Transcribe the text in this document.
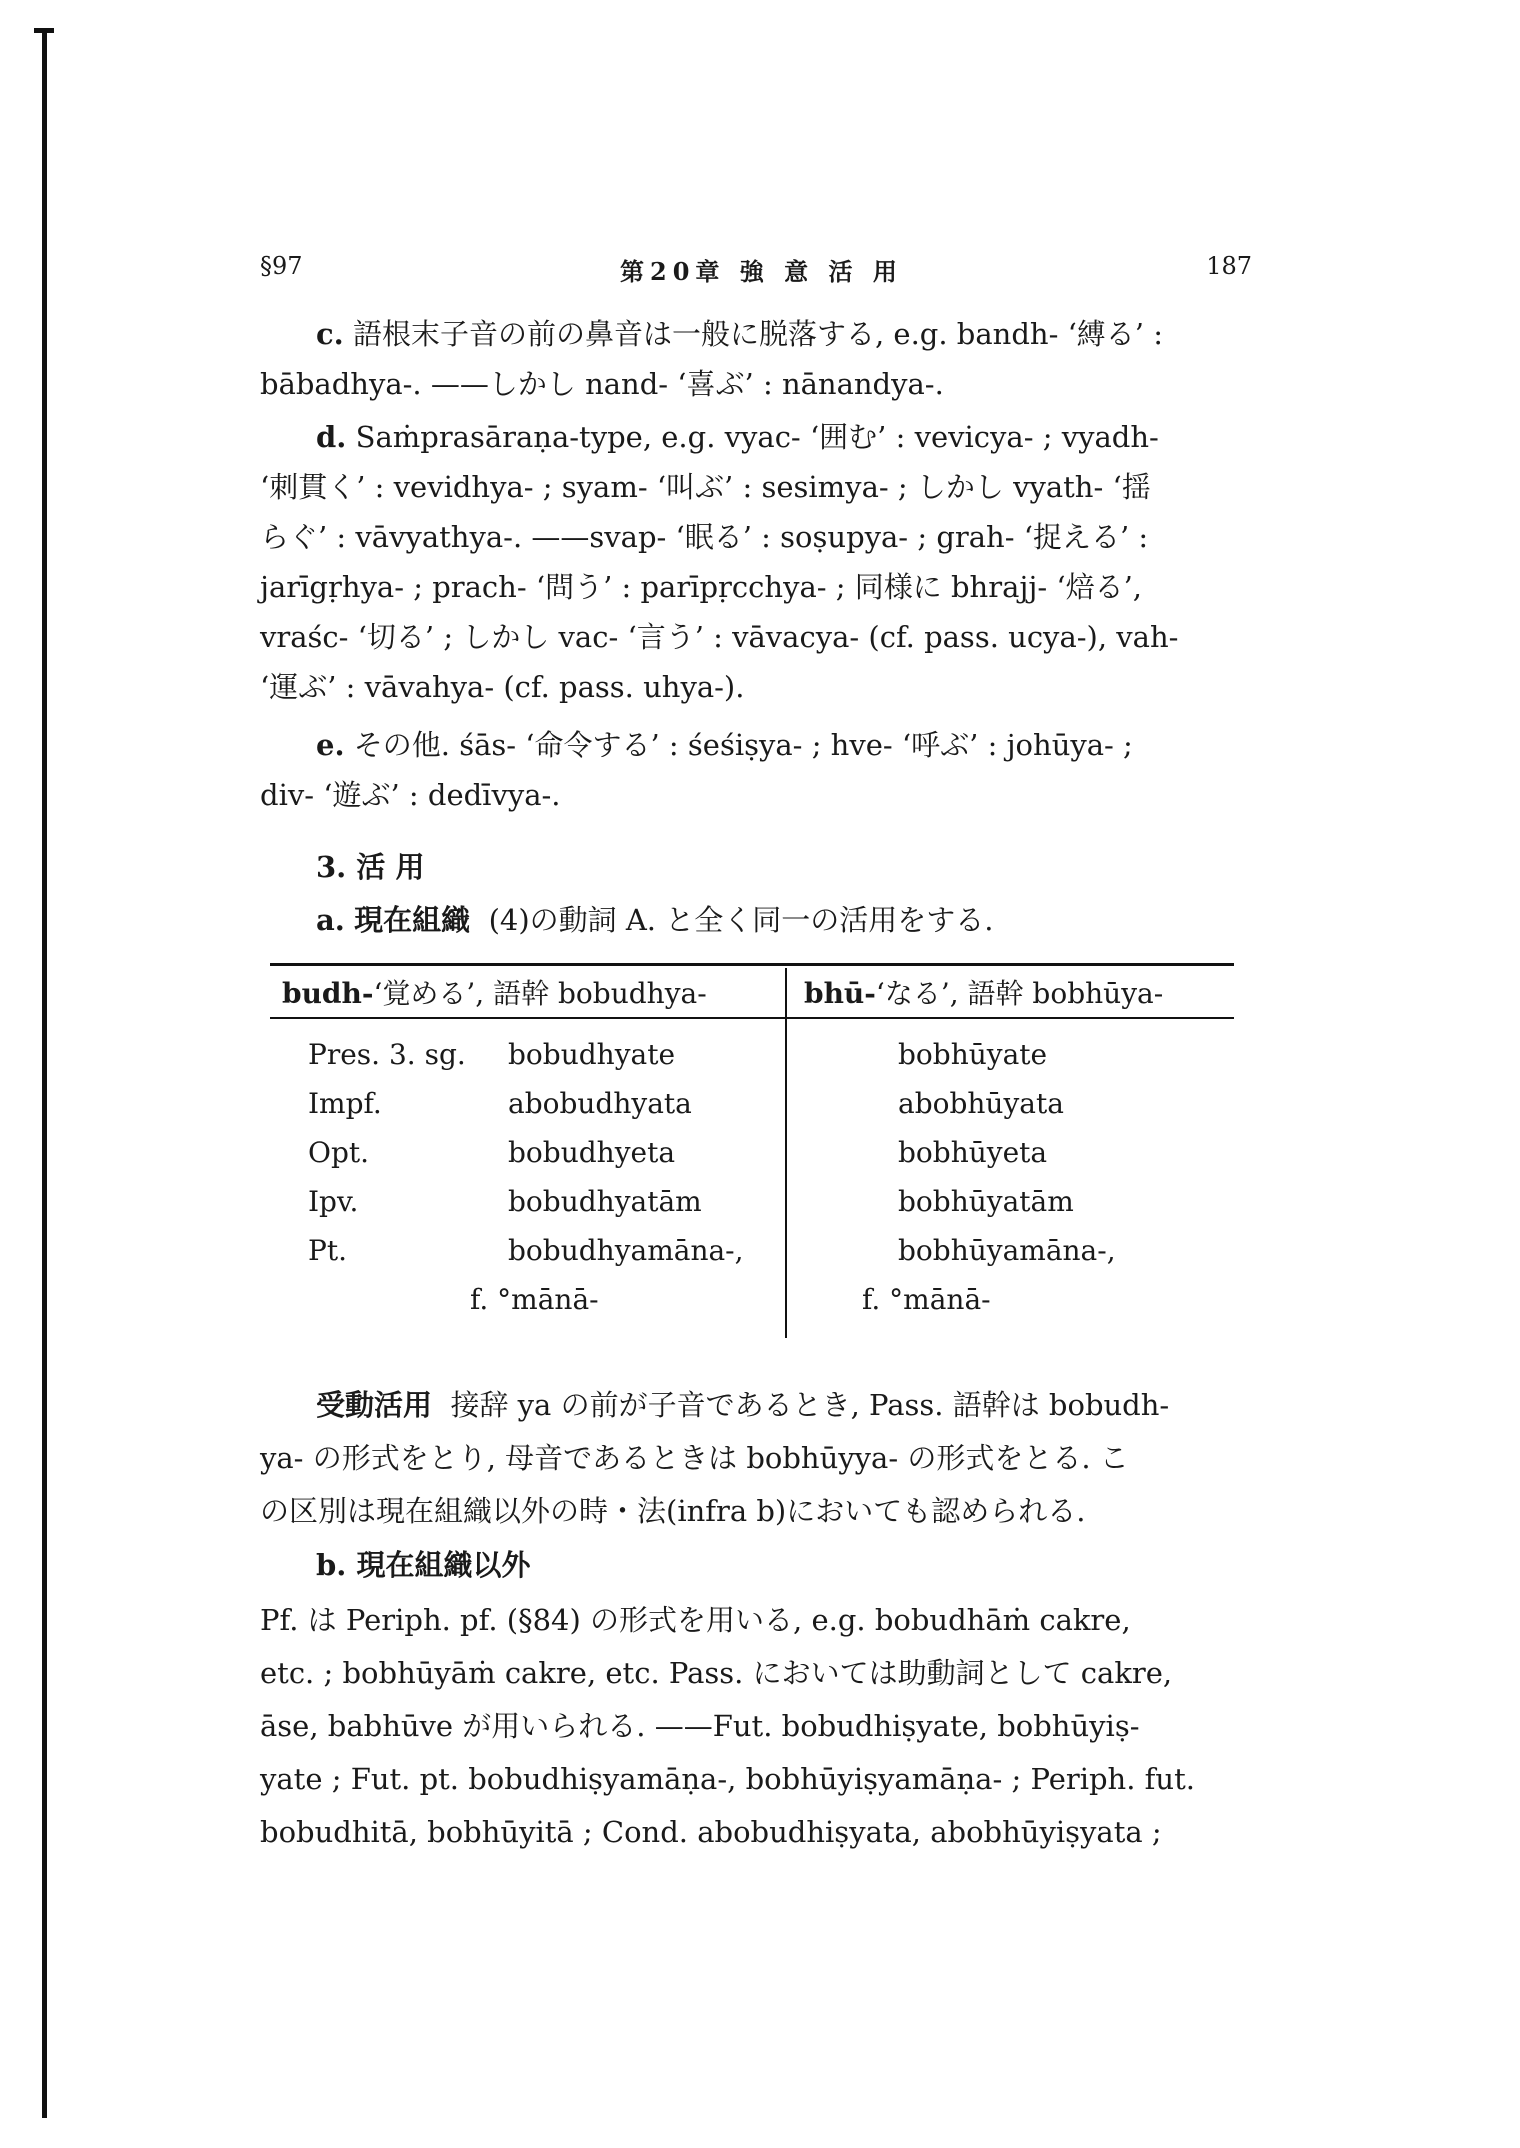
§97	第20章 強 意 活 用	187
c. 語根末子音の前の鼻音は一般に脱落する, e.g. bandh- ‘縛る’ :
bābadhya-. ——しかし nand- ‘喜ぶ’ : nānandya-.
d. Saṁprasāraṇa-type, e.g. vyac- ‘囲む’ : vevicya- ; vyadh-
‘刺貫く’ : vevidhya- ; syam- ‘叫ぶ’ : sesimya- ; しかし vyath- ‘揺
らぐ’ : vāvyathya-. ——svap- ‘眠る’ : soṣupya- ; grah- ‘捉える’ :
jarīgṛhya- ; prach- ‘問う’ : parīpṛcchya- ; 同様に bhrajj- ‘焙る’,
vraśc- ‘切る’ ; しかし vac- ‘言う’ : vāvacya- (cf. pass. ucya-), vah-
‘運ぶ’ : vāvahya- (cf. pass. uhya-).
e. その他. śās- ‘命令する’ : śeśiṣya- ; hve- ‘呼ぶ’ : johūya- ;
div- ‘遊ぶ’ : dedīvya-.
3. 活 用
a. 現在組織 (4)の動詞 A. と全く同一の活用をする.
budh-‘覚める’, 語幹 bobudhya-	bhū-‘なる’, 語幹 bobhūya-
Pres. 3. sg. bobudhyate	bobhūyate
Impf.	abobudhyata	abobhūyata
Opt.	bobudhyeta	bobhūyeta
Ipv.	bobudhyatām	bobhūyatām
Pt.	bobudhyamāna-,	bobhūyamāna-,
f. °mānā-	f. °mānā-
受動活用 接辞 ya の前が子音であるとき, Pass. 語幹は bobudh-
ya- の形式をとり, 母音であるときは bobhūyya- の形式をとる. こ
の区別は現在組織以外の時・法(infra b)においても認められる.
b. 現在組織以外
Pf. は Periph. pf. (§84) の形式を用いる, e.g. bobudhāṁ cakre,
etc. ; bobhūyāṁ cakre, etc. Pass. においては助動詞として cakre,
āse, babhūve が用いられる. ——Fut. bobudhiṣyate, bobhūyiṣ-
yate ; Fut. pt. bobudhiṣyamāṇa-, bobhūyiṣyamāṇa- ; Periph. fut.
bobudhitā, bobhūyitā ; Cond. abobudhiṣyata, abobhūyiṣyata ;
